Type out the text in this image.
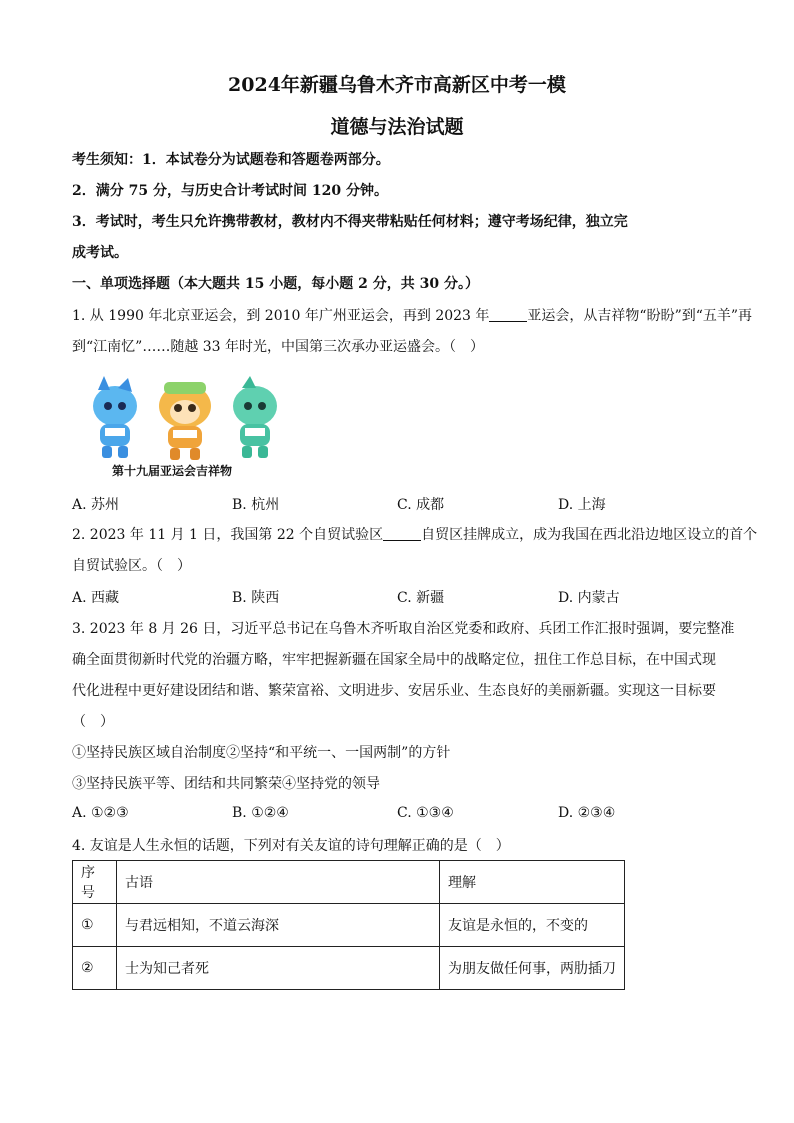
2024年新疆乌鲁木齐市高新区中考一模
道德与法治试题
考生须知：1．本试卷分为试题卷和答题卷两部分。
2．满分 75 分，与历史合计考试时间 120 分钟。
3．考试时，考生只允许携带教材，教材内不得夹带粘贴任何材料；遵守考场纪律，独立完
成考试。
一、单项选择题（本大题共 15 小题，每小题 2 分，共 30 分。）
1. 从 1990 年北京亚运会，到 2010 年广州亚运会，再到 2023 年	亚运会，从吉祥物“盼盼”到“五羊”再
到“江南忆”……随越 33 年时光，中国第三次承办亚运盛会。（　）
第十九届亚运会吉祥物
A. 苏州	B. 杭州	C. 成都	D. 上海
2. 2023 年 11 月 1 日，我国第 22 个自贸试验区	自贸区挂牌成立，成为我国在西北沿边地区设立的首个
自贸试验区。（　）
A. 西藏	B. 陕西	C. 新疆	D. 内蒙古
3. 2023 年 8 月 26 日，习近平总书记在乌鲁木齐听取自治区党委和政府、兵团工作汇报时强调，要完整准
确全面贯彻新时代党的治疆方略，牢牢把握新疆在国家全局中的战略定位，扭住工作总目标，在中国式现
代化进程中更好建设团结和谐、繁荣富裕、文明进步、安居乐业、生态良好的美丽新疆。实现这一目标要
（　）
①坚持民族区域自治制度②坚持“和平统一、一国两制”的方针
③坚持民族平等、团结和共同繁荣④坚持党的领导
A. ①②③	B. ①②④	C. ①③④	D. ②③④
4. 友谊是人生永恒的话题，下列对有关友谊的诗句理解正确的是（　）
序号	古语	理解
①	与君远相知，不道云海深	友谊是永恒的，不变的
②	士为知己者死	为朋友做任何事，两肋插刀
